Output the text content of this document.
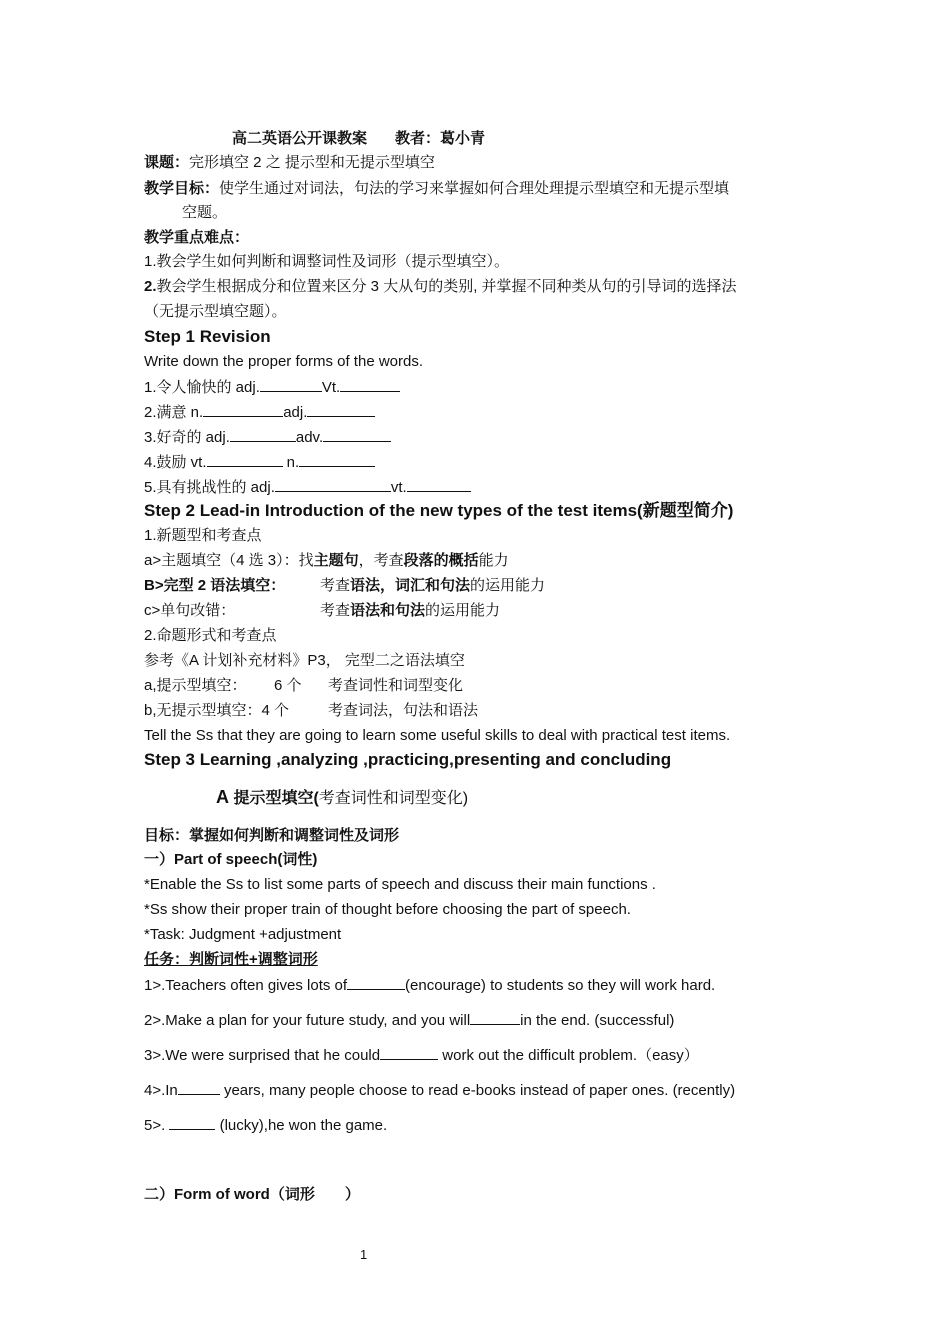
高二英语公开课教案 教者：葛小青
课题：完形填空 2 之 提示型和无提示型填空
教学目标：使学生通过对词法，句法的学习来掌握如何合理处理提示型填空和无提示型填
空题。
教学重点难点：
1.教会学生如何判断和调整词性及词形（提示型填空）。
2.教会学生根据成分和位置来区分 3 大从句的类别, 并掌握不同种类从句的引导词的选择法
（无提示型填空题）。
Step 1 Revision
Write down the proper forms of the words.
1.令人愉快的 adj.	Vt.
2.满意 n.	adj.
3.好奇的 adj.	adv.
4.鼓励 vt.	n.
5.具有挑战性的 adj.	vt.
Step 2 Lead-in Introduction of the new types of the test items(新题型简介)
1.新题型和考查点
a>主题填空（4 选 3）：找主题句，考查段落的概括能力
B>完型 2 语法填空： 考查语法，词汇和句法的运用能力
c>单句改错：	考查语法和句法的运用能力
2.命题形式和考查点
参考《A 计划补充材料》P3， 完型二之语法填空
a,提示型填空： 6 个 考查词性和词型变化
b,无提示型填空：4 个	考查词法，句法和语法
Tell the Ss that they are going to learn some useful skills to deal with practical test items.
Step 3 Learning ,analyzing ,practicing,presenting and concluding
A 提示型填空(考查词性和词型变化)
目标：掌握如何判断和调整词性及词形
一）Part of speech(词性)
*Enable the Ss to list some parts of speech and discuss their main functions .
*Ss show their proper train of thought before choosing the part of speech.
*Task: Judgment +adjustment
任务：判断词性+调整词形
1>.Teachers often gives lots of	(encourage) to students so they will work hard.
2>.Make a plan for your future study, and you will	in the end. (successful)
3>.We were surprised that he could	work out the difficult problem.（easy）
4>.In	years, many people choose to read e-books instead of paper ones. (recently)
5>.	(lucky),he won the game.
二）Form of word（词形 ）
1
